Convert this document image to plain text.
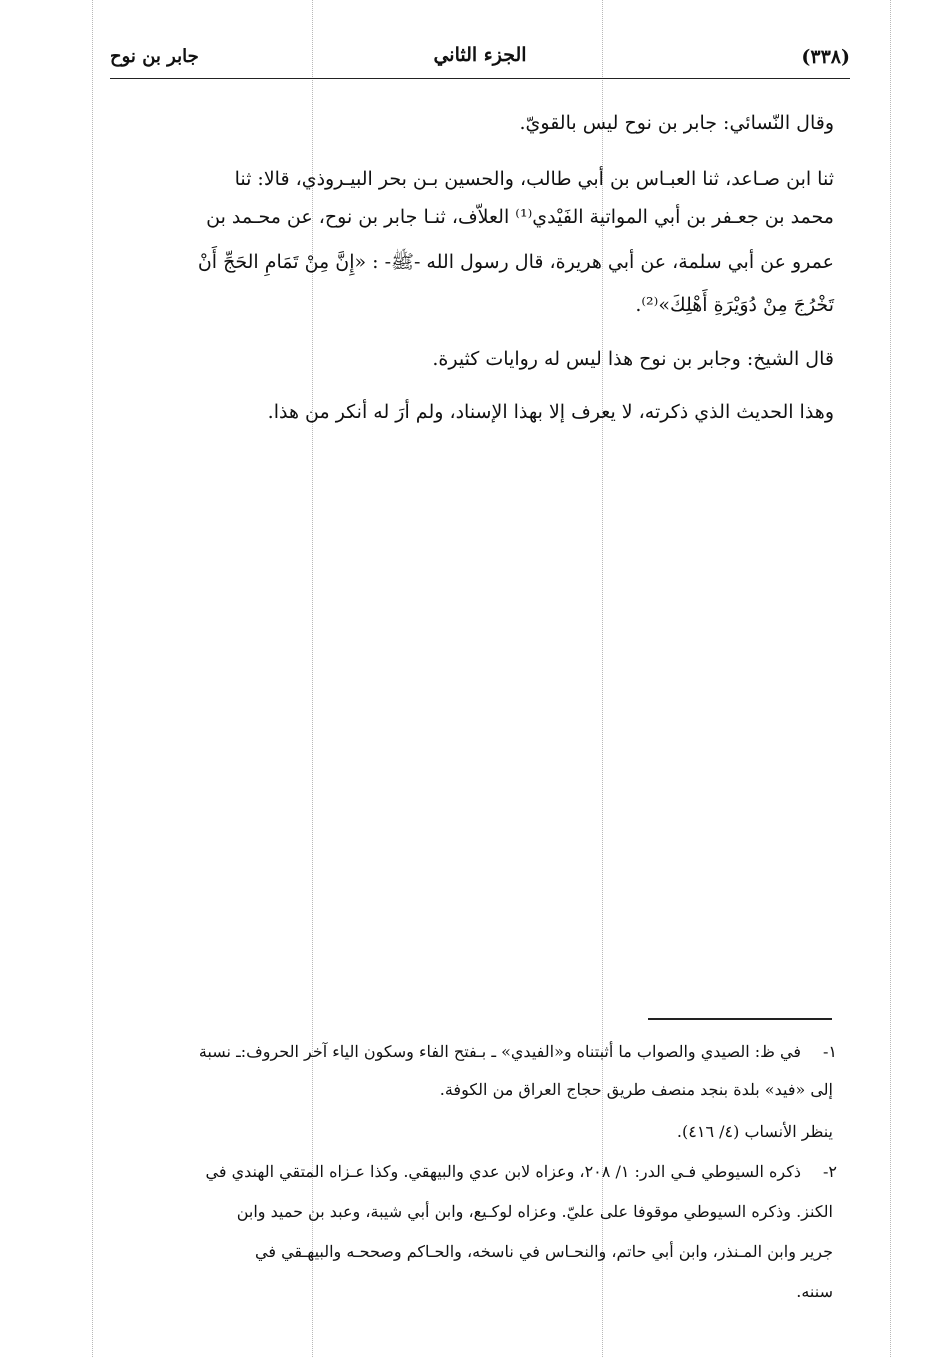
جابر بن نوح	الجزء الثاني	(٣٣٨)
وقال النّسائي: جابر بن نوح ليس بالقويّ.
ثنا ابن صـاعد، ثنا العبـاس بن أبي طالب، والحسين بـن بحر البيـروذي، قالا: ثنا
محمد بن جعـفر بن أبي المواتية الفَيْدي⁽¹⁾ العلاّف، ثنـا جابر بن نوح، عن محـمد بن
عمرو عن أبي سلمة، عن أبي هريرة، قال رسول الله -ﷺ- : «إِنَّ مِنْ تَمَامِ الحَجِّ أَنْ
تَخْرُجَ مِنْ دُوَيْرَةِ أَهْلِكَ»⁽²⁾.
قال الشيخ: وجابر بن نوح هذا ليس له روايات كثيرة.
وهذا الحديث الذي ذكرته، لا يعرف إلا بهذا الإسناد، ولم أرَ له أنكر من هذا.
١-
في ظ: الصيدي والصواب ما أثبتناه و«الفيدي» ـ بـفتح الفاء وسكون الياء آخر الحروف:ـ نسبة
إلى «فيد» بلدة بنجد منصف طريق حجاج العراق من الكوفة.
ينظر الأنساب (٤/ ٤١٦).
٢-
ذكره السيوطي فـي الدر: ١/ ٢٠٨، وعزاه لابن عدي والبيهقي. وكذا عـزاه المتقي الهندي في
الكنز. وذكره السيوطي موقوفا على عليّ. وعزاه لوكـيع، وابن أبي شيبة، وعبد بن حميد وابن
جرير وابن المـنذر، وابن أبي حاتم، والنحـاس في ناسخه، والحـاكم وصححـه والبيهـقي في
سننه.
